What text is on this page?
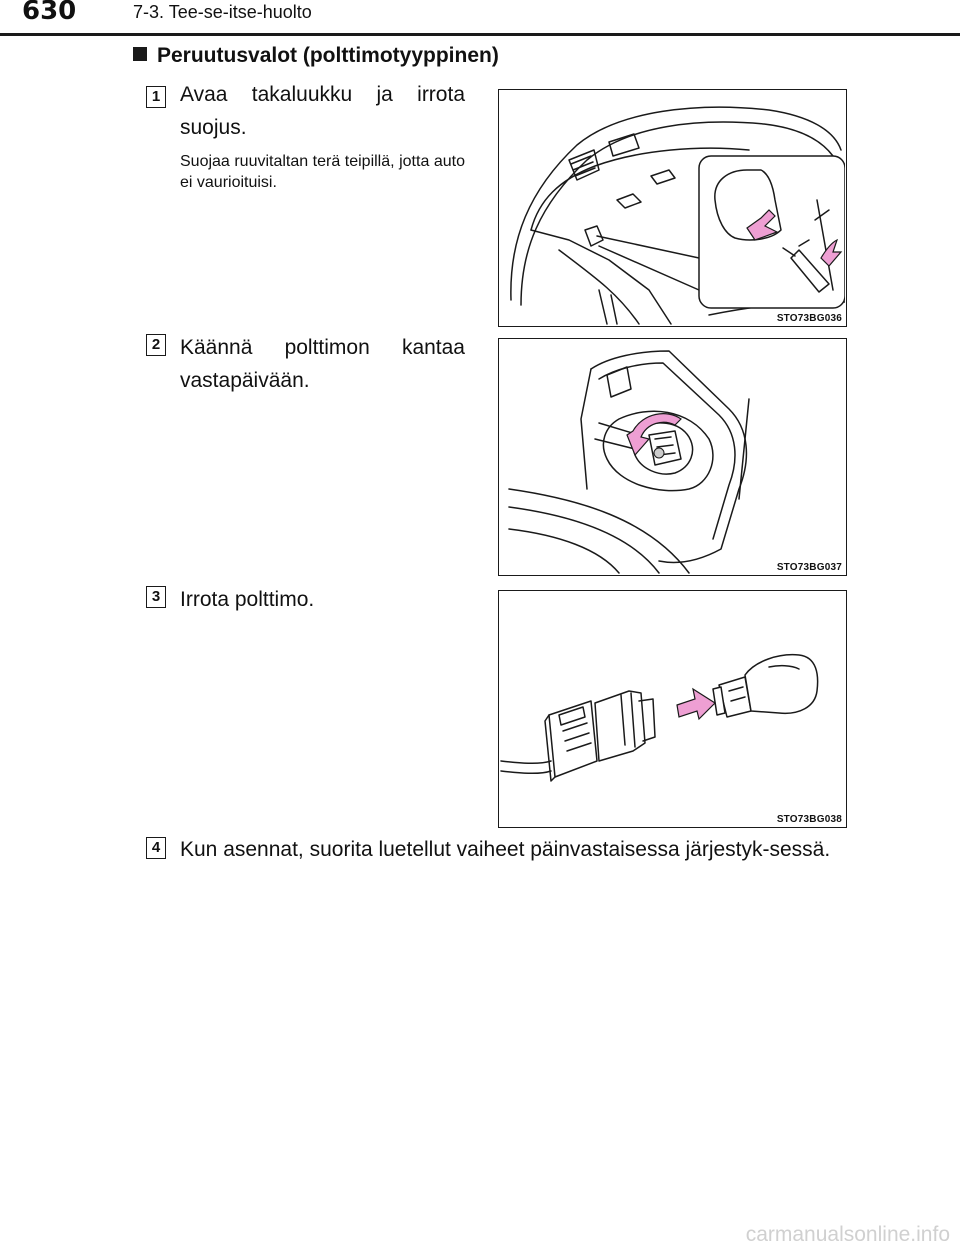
630	7-3. Tee-se-itse-huolto
Peruutusvalot (polttimotyyppinen)
1 Avaa takaluukku ja irrota suojus.
Suojaa ruuvitaltan terä teipillä, jotta auto ei vaurioituisi.
STO73BG036
2 Käännä polttimon kantaa vastapäivään.
STO73BG037
3 Irrota polttimo.
STO73BG038
4 Kun asennat, suorita luetellut vaiheet päinvastaisessa järjestyk-sessä.
carmanualsonline.info
